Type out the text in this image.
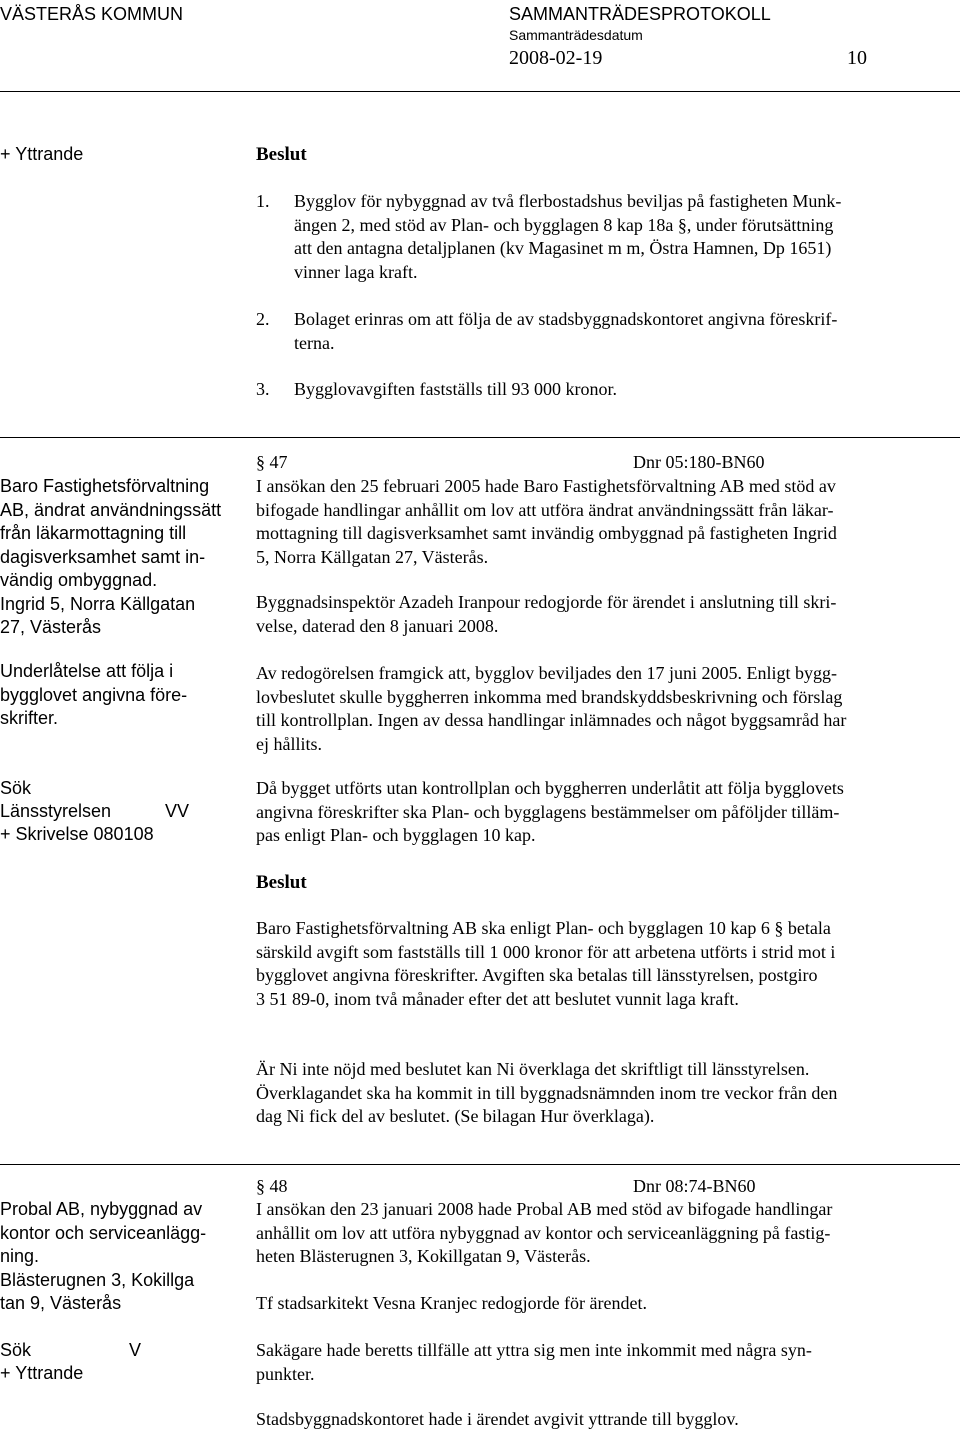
VÄSTERÅS KOMMUN	SAMMANTRÄDESPROTOKOLL
Sammanträdesdatum
2008-02-19	10
+ Yttrande	Beslut
1. Bygglov för nybyggnad av två flerbostadshus beviljas på fastigheten Munk-
ängen 2, med stöd av Plan- och bygglagen 8 kap 18a §, under förutsättning
att den antagna detaljplanen (kv Magasinet m m, Östra Hamnen, Dp 1651)
vinner laga kraft.
2. Bolaget erinras om att följa de av stadsbyggnadskontoret angivna föreskrif-
terna.
3. Bygglovavgiften fastställs till 93 000 kronor.
§ 47	Dnr 05:180-BN60
Baro Fastighetsförvaltning
AB, ändrat användningssätt
från läkarmottagning till
dagisverksamhet samt in-
vändig ombyggnad.
Ingrid 5, Norra Källgatan
27, Västerås
Underlåtelse att följa i
bygglovet angivna före-
skrifter.
Sök
Länsstyrelsen	VV
+ Skrivelse 080108
I ansökan den 25 februari 2005 hade Baro Fastighetsförvaltning AB med stöd av
bifogade handlingar anhållit om lov att utföra ändrat användningssätt från läkar-
mottagning till dagisverksamhet samt invändig ombyggnad på fastigheten Ingrid
5, Norra Källgatan 27, Västerås.
Byggnadsinspektör Azadeh Iranpour redogjorde för ärendet i anslutning till skri-
velse, daterad den 8 januari 2008.
Av redogörelsen framgick att, bygglov beviljades den 17 juni 2005. Enligt bygg-
lovbeslutet skulle byggherren inkomma med brandskyddsbeskrivning och förslag
till kontrollplan. Ingen av dessa handlingar inlämnades och något byggsamråd har
ej hållits.
Då bygget utförts utan kontrollplan och byggherren underlåtit att följa bygglovets
angivna föreskrifter ska Plan- och bygglagens bestämmelser om påföljder tilläm-
pas enligt Plan- och bygglagen 10 kap.
Beslut
Baro Fastighetsförvaltning AB ska enligt Plan- och bygglagen 10 kap 6 § betala
särskild avgift som fastställs till 1 000 kronor för att arbetena utförts i strid mot i
bygglovet angivna föreskrifter. Avgiften ska betalas till länsstyrelsen, postgiro
3 51 89-0, inom två månader efter det att beslutet vunnit laga kraft.
Är Ni inte nöjd med beslutet kan Ni överklaga det skriftligt till länsstyrelsen.
Överklagandet ska ha kommit in till byggnadsnämnden inom tre veckor från den
dag Ni fick del av beslutet. (Se bilagan Hur överklaga).
§ 48	Dnr 08:74-BN60
Probal AB, nybyggnad av
kontor och serviceanlägg-
ning.
Blästerugnen 3, Kokillga
tan 9, Västerås
Sök	V
+ Yttrande
I ansökan den 23 januari 2008 hade Probal AB med stöd av bifogade handlingar
anhållit om lov att utföra nybyggnad av kontor och serviceanläggning på fastig-
heten Blästerugnen 3, Kokillgatan 9, Västerås.
Tf stadsarkitekt Vesna Kranjec redogjorde för ärendet.
Sakägare hade beretts tillfälle att yttra sig men inte inkommit med några syn-
punkter.
Stadsbyggnadskontoret hade i ärendet avgivit yttrande till bygglov.
